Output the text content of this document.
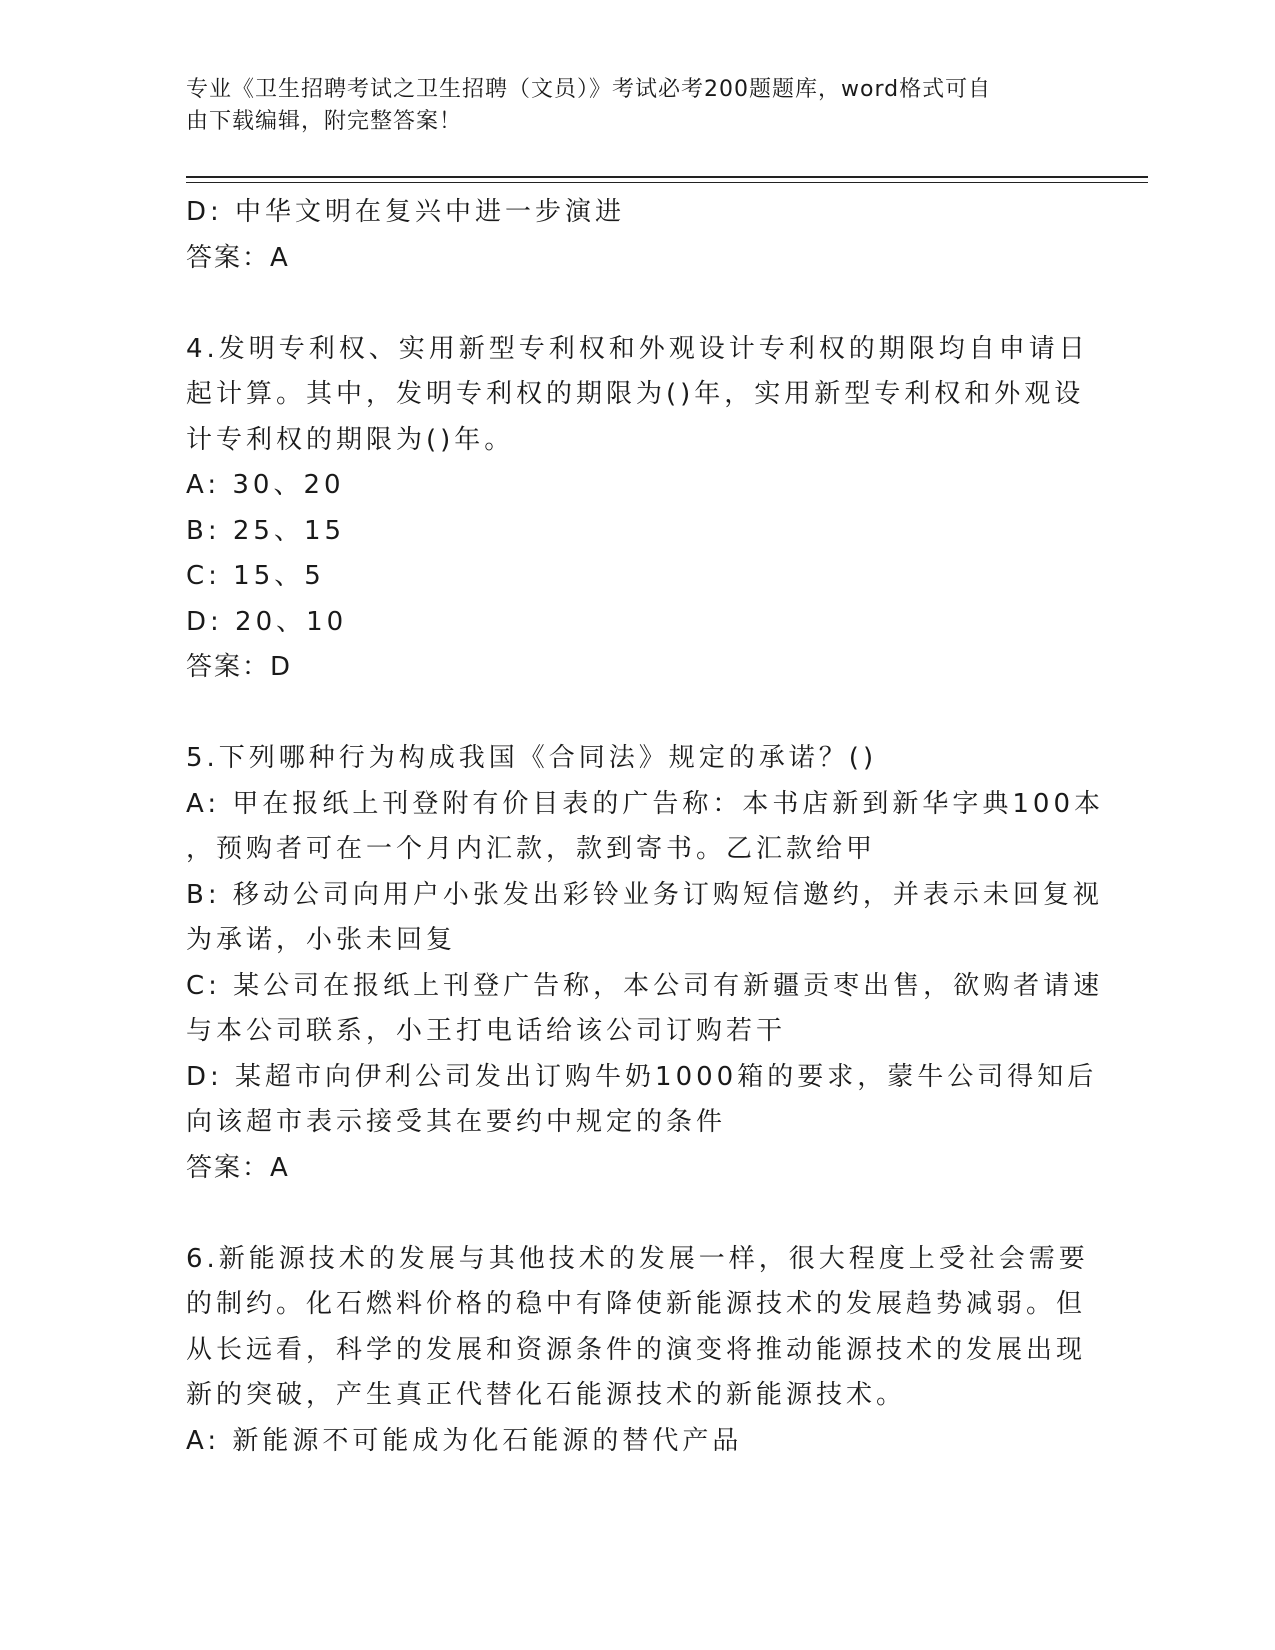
专业《卫生招聘考试之卫生招聘（文员）》考试必考200题题库，word格式可自
由下载编辑，附完整答案！
D: 中华文明在复兴中进一步演进
答案：A
4.发明专利权、实用新型专利权和外观设计专利权的期限均自申请日
起计算。其中，发明专利权的期限为()年，实用新型专利权和外观设
计专利权的期限为()年。
A: 30、20
B: 25、15
C: 15、5
D: 20、10
答案：D
5.下列哪种行为构成我国《合同法》规定的承诺？()
A: 甲在报纸上刊登附有价目表的广告称：本书店新到新华字典100本
，预购者可在一个月内汇款，款到寄书。乙汇款给甲
B: 移动公司向用户小张发出彩铃业务订购短信邀约，并表示未回复视
为承诺，小张未回复
C: 某公司在报纸上刊登广告称，本公司有新疆贡枣出售，欲购者请速
与本公司联系，小王打电话给该公司订购若干
D: 某超市向伊利公司发出订购牛奶1000箱的要求，蒙牛公司得知后
向该超市表示接受其在要约中规定的条件
答案：A
6.新能源技术的发展与其他技术的发展一样，很大程度上受社会需要
的制约。化石燃料价格的稳中有降使新能源技术的发展趋势减弱。但
从长远看，科学的发展和资源条件的演变将推动能源技术的发展出现
新的突破，产生真正代替化石能源技术的新能源技术。
A: 新能源不可能成为化石能源的替代产品
